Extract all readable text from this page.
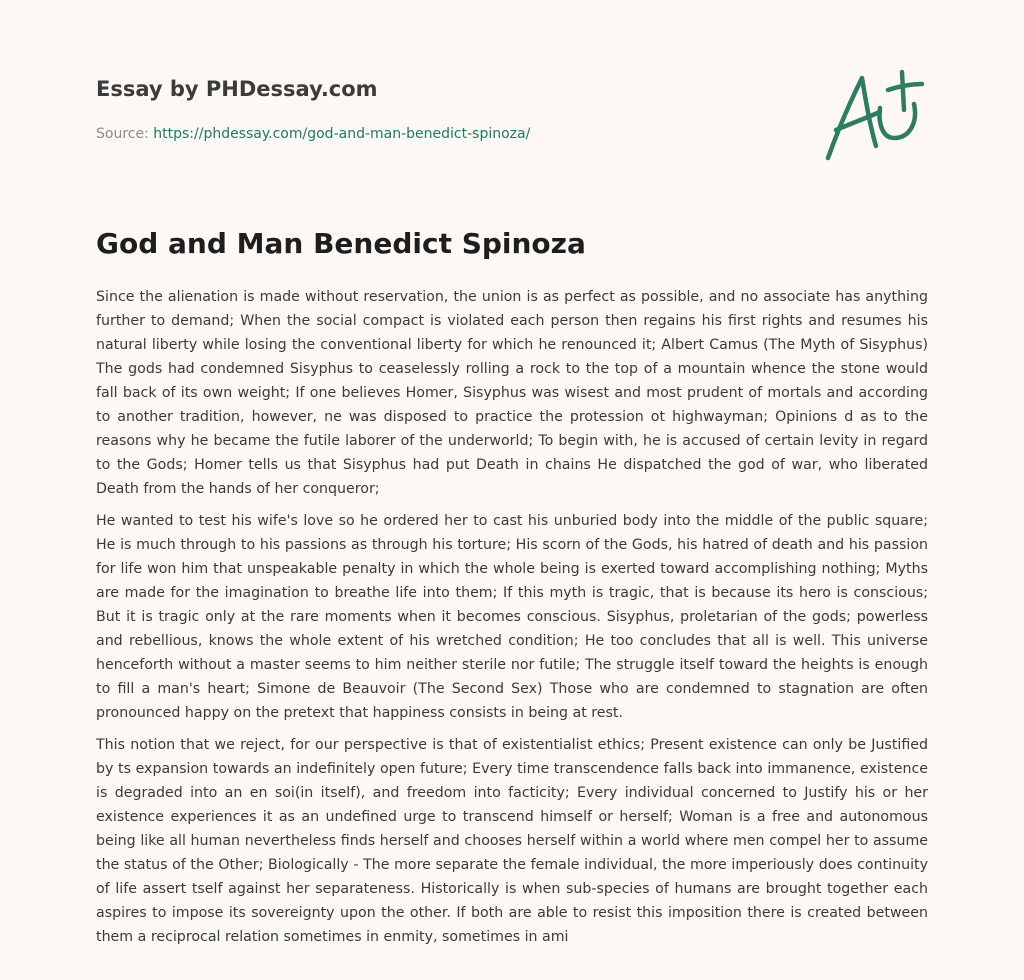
Essay by PHDessay.com
Source: https://phdessay.com/god-and-man-benedict-spinoza/
God and Man Benedict Spinoza

Since the alienation is made without reservation, the union is as perfect as possible, and no associate has anything further to demand; When the social compact is violated each person then regains his first rights and resumes his natural liberty while losing the conventional liberty for which he renounced it; Albert Camus (The Myth of Sisyphus) The gods had condemned Sisyphus to ceaselessly rolling a rock to the top of a mountain whence the stone would fall back of its own weight; If one believes Homer, Sisyphus was wisest and most prudent of mortals and according to another tradition, however, ne was disposed to practice the protession ot highwayman; Opinions d as to the reasons why he became the futile laborer of the underworld; To begin with, he is accused of certain levity in regard to the Gods; Homer tells us that Sisyphus had put Death in chains He dispatched the god of war, who liberated Death from the hands of her conqueror;

He wanted to test his wife's love so he ordered her to cast his unburied body into the middle of the public square; He is much through to his passions as through his torture; His scorn of the Gods, his hatred of death and his passion for life won him that unspeakable penalty in which the whole being is exerted toward accomplishing nothing; Myths are made for the imagination to breathe life into them; If this myth is tragic, that is because its hero is conscious; But it is tragic only at the rare moments when it becomes conscious. Sisyphus, proletarian of the gods; powerless and rebellious, knows the whole extent of his wretched condition; He too concludes that all is well. This universe henceforth without a master seems to him neither sterile nor futile; The struggle itself toward the heights is enough to fill a man's heart; Simone de Beauvoir (The Second Sex) Those who are condemned to stagnation are often pronounced happy on the pretext that happiness consists in being at rest.

This notion that we reject, for our perspective is that of existentialist ethics; Present existence can only be Justified by ts expansion towards an indefinitely open future; Every time transcendence falls back into immanence, existence is degraded into an en soi(in itself), and freedom into facticity; Every individual concerned to Justify his or her existence experiences it as an undefined urge to transcend himself or herself; Woman is a free and autonomous being like all human nevertheless finds herself and chooses herself within a world where men compel her to assume the status of the Other; Biologically - The more separate the female individual, the more imperiously does continuity of life assert tself against her separateness. Historically is when sub-species of humans are brought together each aspires to impose its sovereignty upon the other. If both are able to resist this imposition there is created between them a reciprocal relation sometimes in enmity, sometimes in ami
